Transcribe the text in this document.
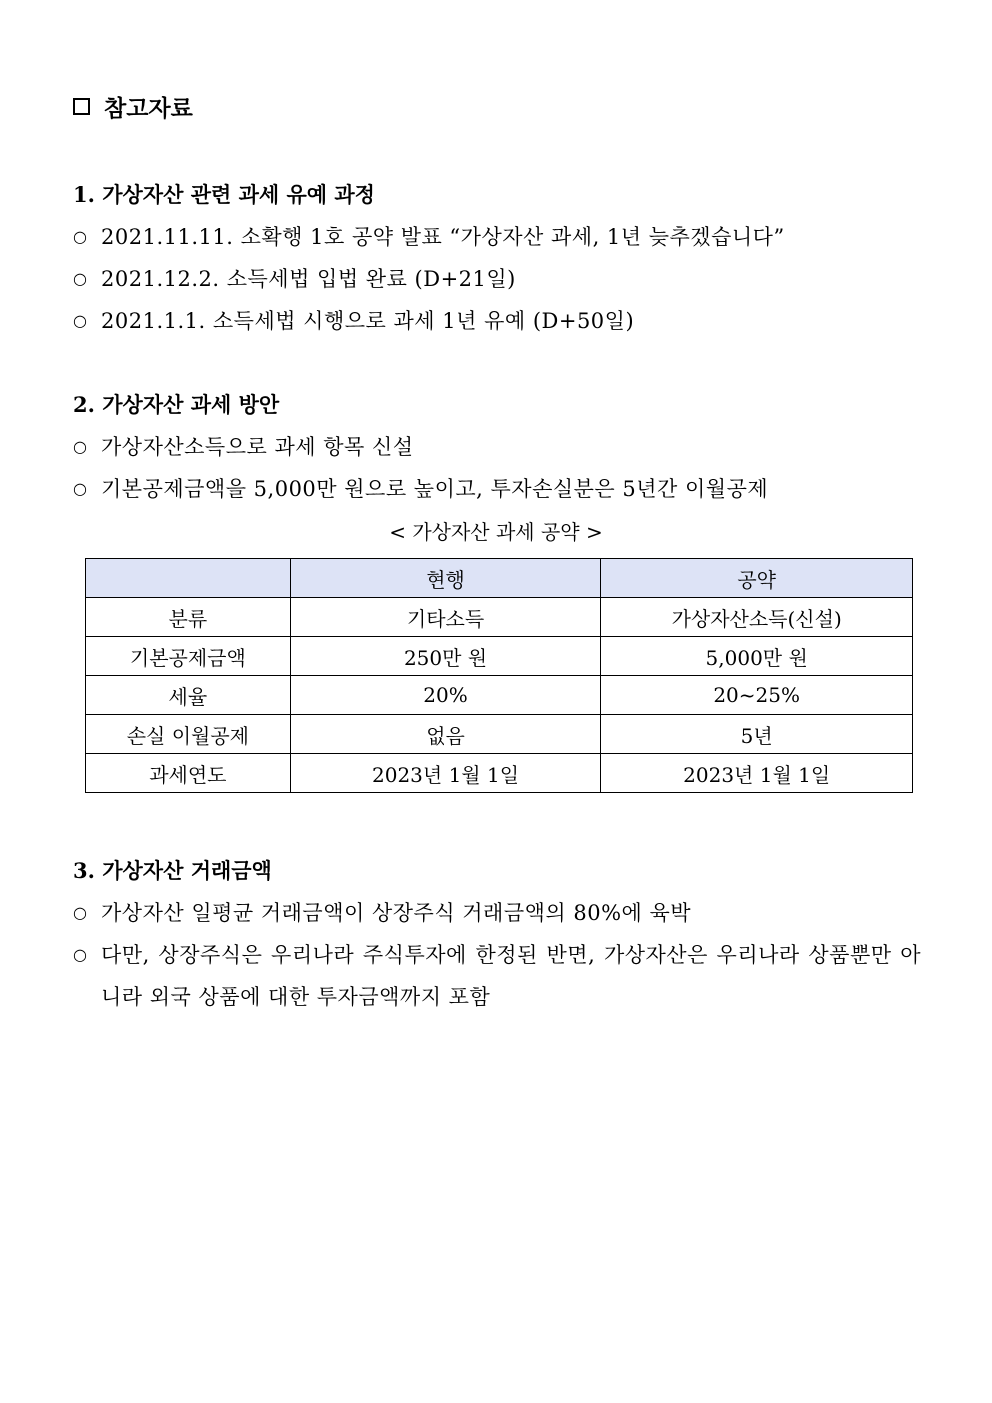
참고자료
1. 가상자산 관련 과세 유예 과정
○ 2021.11.11. 소확행 1호 공약 발표 “가상자산 과세, 1년 늦추겠습니다”
○ 2021.12.2. 소득세법 입법 완료 (D+21일)
○ 2021.1.1. 소득세법 시행으로 과세 1년 유예 (D+50일)
2. 가상자산 과세 방안
○ 가상자산소득으로 과세 항목 신설
○ 기본공제금액을 5,000만 원으로 높이고, 투자손실분은 5년간 이월공제
< 가상자산 과세 공약 >
	현행	공약
분류	기타소득	가상자산소득(신설)
기본공제금액	250만 원	5,000만 원
세율	20%	20~25%
손실 이월공제	없음	5년
과세연도	2023년 1월 1일	2023년 1월 1일
3. 가상자산 거래금액
○ 가상자산 일평균 거래금액이 상장주식 거래금액의 80%에 육박
○ 다만, 상장주식은 우리나라 주식투자에 한정된 반면, 가상자산은 우리나라 상품뿐만 아니라 외국 상품에 대한 투자금액까지 포함
